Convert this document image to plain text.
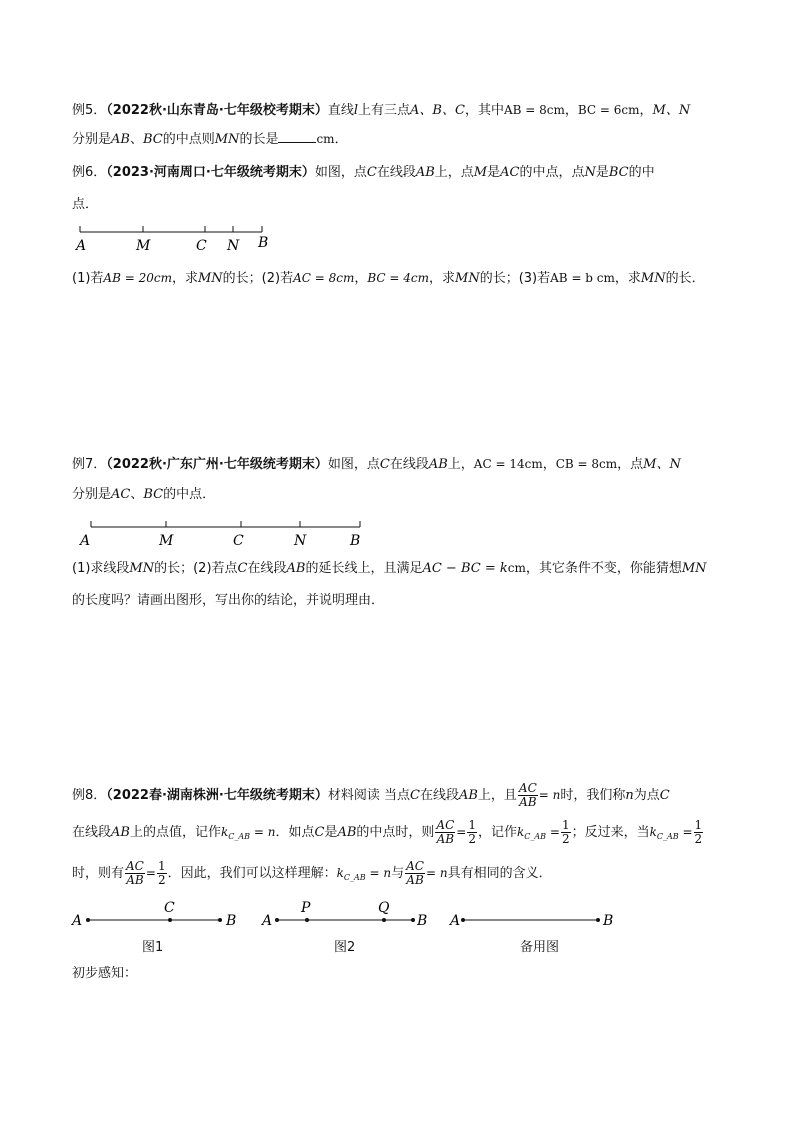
例5．（2022秋·山东青岛·七年级校考期末）直线l上有三点A、B、C，其中AB = 8cm，BC = 6cm，M、N
分别是AB、BC的中点则MN的长是	cm．
例6．（2023·河南周口·七年级统考期末）如图，点C在线段AB上，点M是AC的中点，点N是BC的中
点．
A	M	C N B
(1)若AB = 20cm，求MN的长；(2)若AC = 8cm，BC = 4cm，求MN的长；(3)若AB = b cm，求MN的长．
例7．（2022秋·广东广州·七年级统考期末）如图，点C在线段AB上，AC = 14cm，CB = 8cm，点M、N
分别是AC、BC的中点．
A	M	C	N	B
(1)求线段MN的长；(2)若点C在线段AB的延长线上，且满足AC − BC = kcm，其它条件不变，你能猜想MN
的长度吗？请画出图形，写出你的结论，并说明理由．
例8．（2022春·湖南株洲·七年级统考期末）材料阅读 当点C在线段AB上，且 $\frac{AC}{AB} = n$时，我们称n为点C
在线段AB上的点值，记作$k_{C\_AB} = n$．如点C是AB的中点时，则 $\frac{AC}{AB} = \frac{1}{2}$ ，记作$k_{C\_AB} = \frac{1}{2}$ ；反过来，当$k_{C\_AB} = \frac{1}{2}$
时，则有 $\frac{AC}{AB} = \frac{1}{2}$ ．因此，我们可以这样理解：$k_{C\_AB} = n$与 $\frac{AC}{AB} = n$具有相同的含义．
A
C
B A
P	Q
B A	B
图1	图2	备用图
初步感知：
